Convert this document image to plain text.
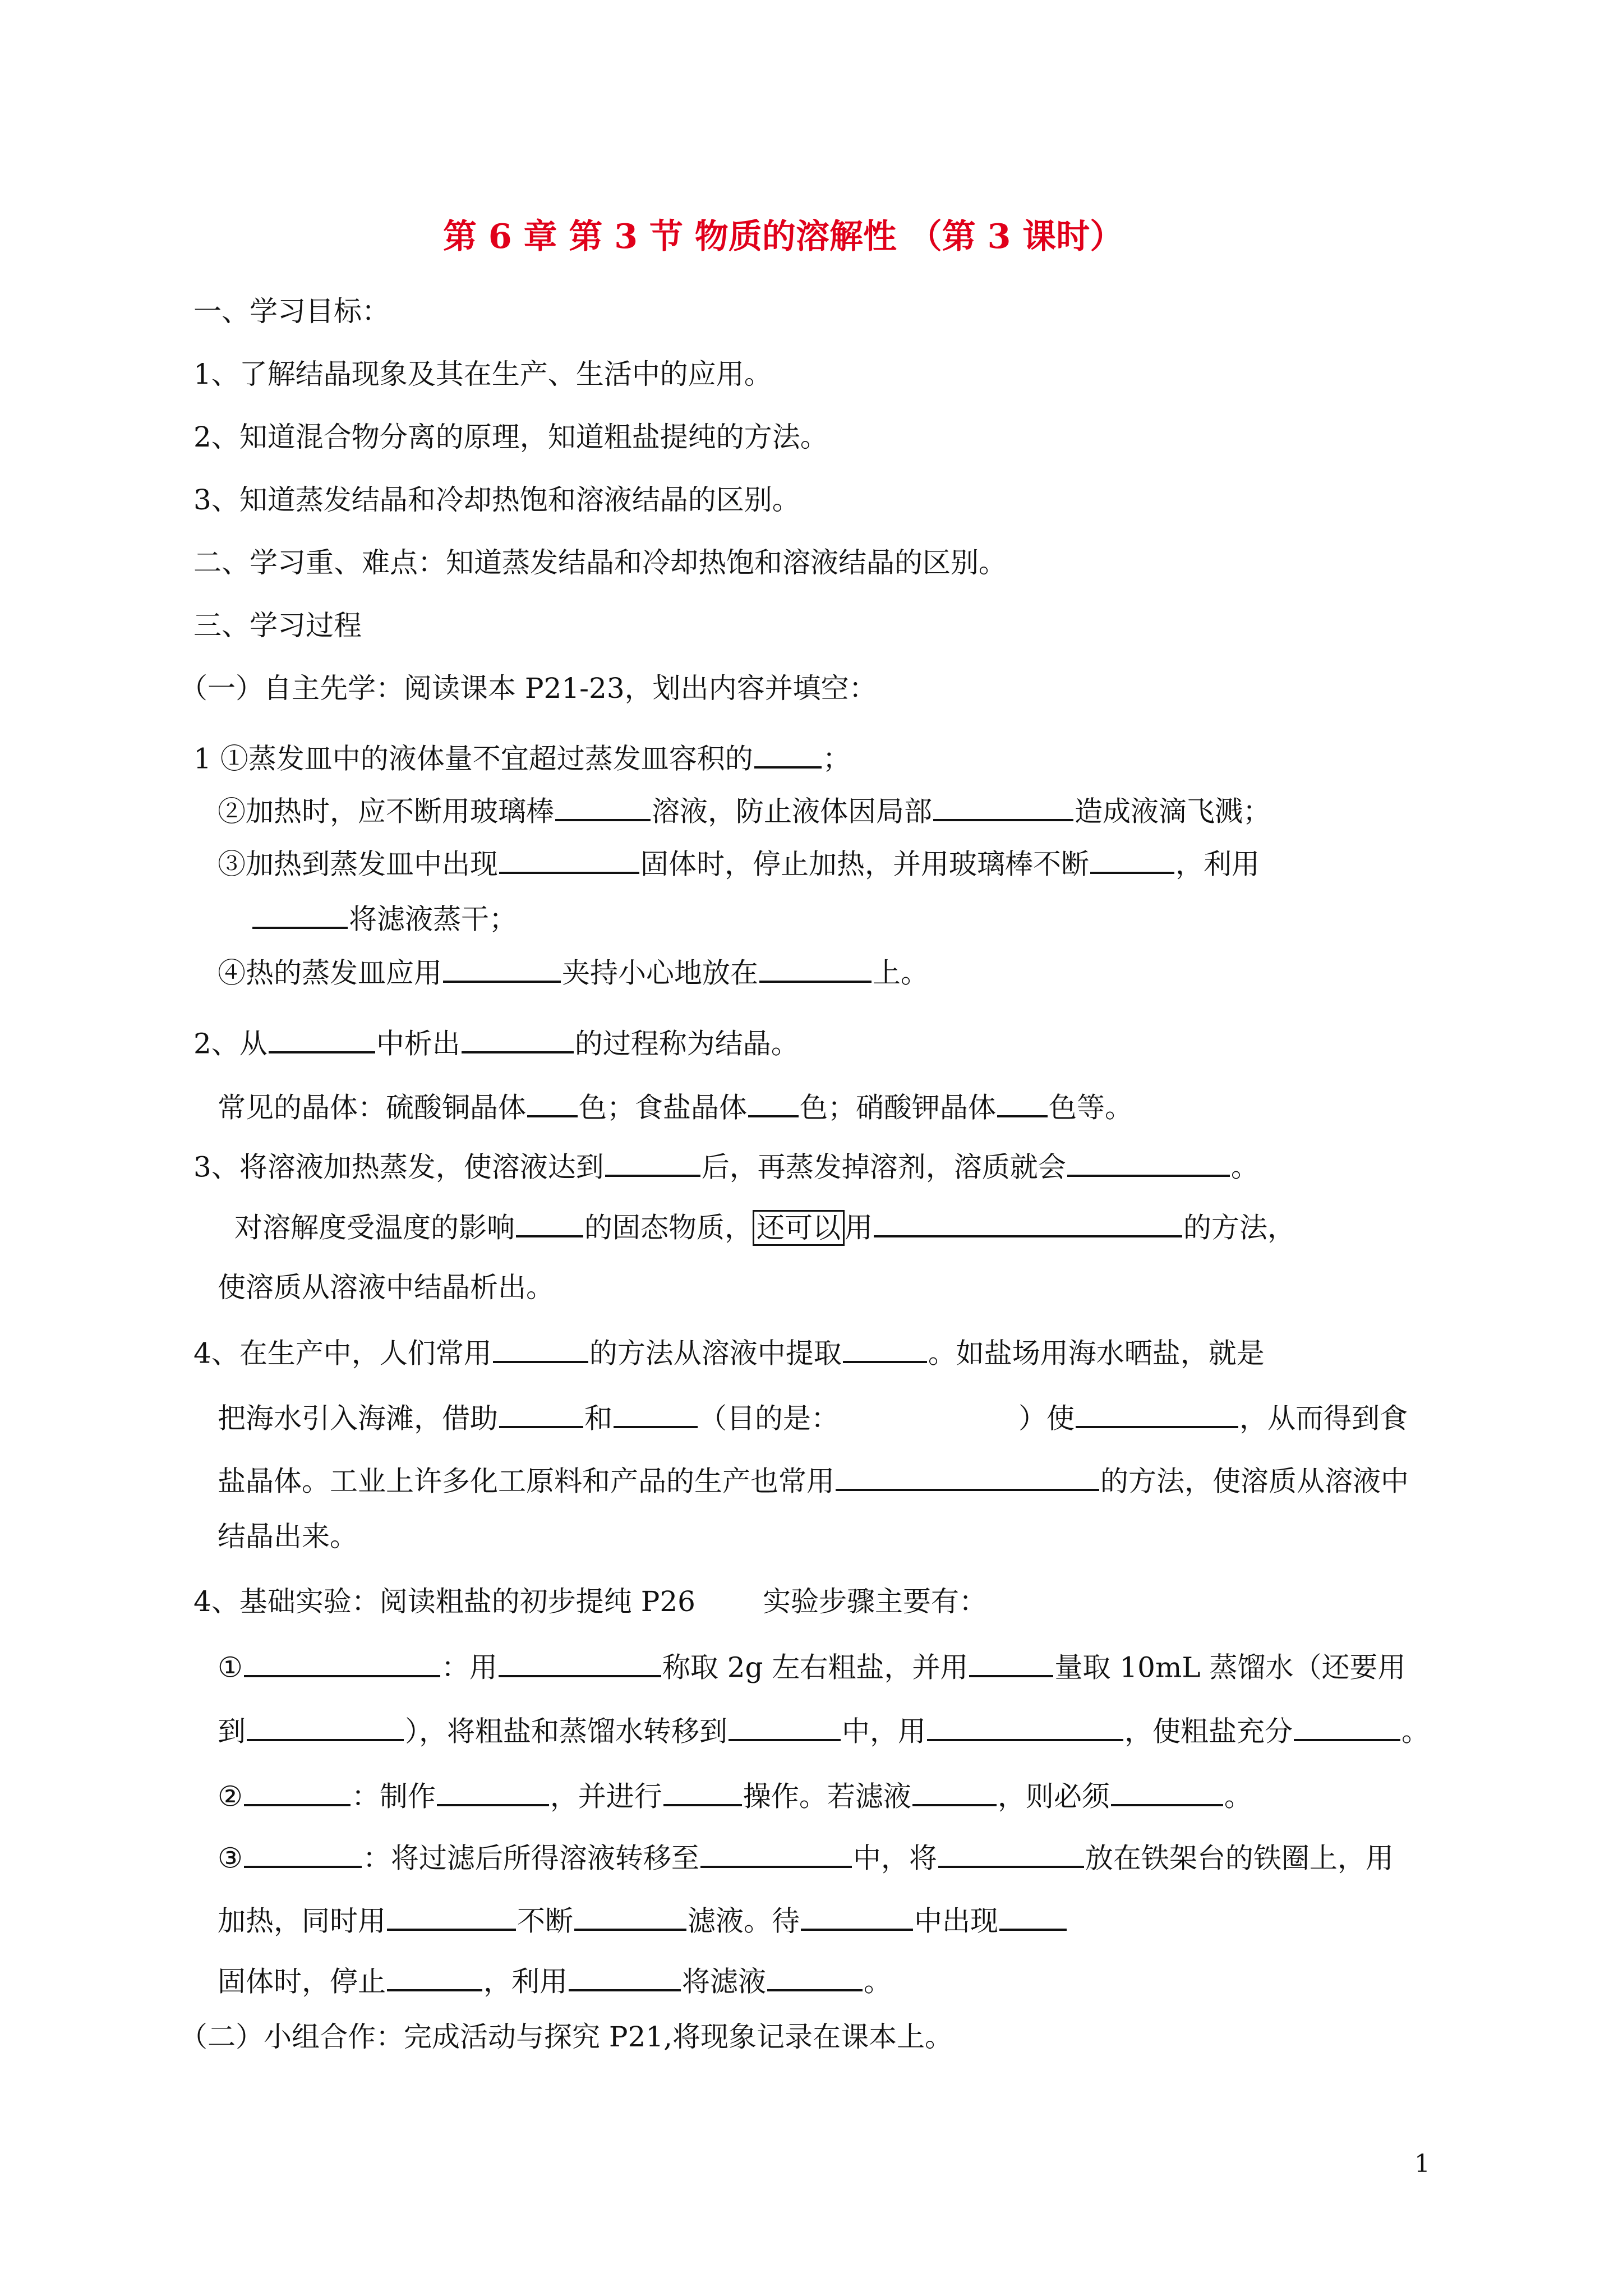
第 6 章 第 3 节 物质的溶解性 （第 3 课时）
一、学习目标：
1、了解结晶现象及其在生产、生活中的应用。
2、知道混合物分离的原理，知道粗盐提纯的方法。
3、知道蒸发结晶和冷却热饱和溶液结晶的区别。
二、学习重、难点：知道蒸发结晶和冷却热饱和溶液结晶的区别。
三、学习过程
（一）自主先学：阅读课本 P21-23，划出内容并填空：
1 ①蒸发皿中的液体量不宜超过蒸发皿容积的 ；
②加热时，应不断用玻璃棒	溶液，防止液体因局部	造成液滴飞溅；
③加热到蒸发皿中出现	固体时，停止加热，并用玻璃棒不断	，利用
将滤液蒸干；
④热的蒸发皿应用	夹持小心地放在	上。
2、从	中析出	的过程称为结晶。
常见的晶体：硫酸铜晶体 色；食盐晶体 色；硝酸钾晶体 色等。
3、将溶液加热蒸发，使溶液达到	后，再蒸发掉溶剂，溶质就会	。
对溶解度受温度的影响 的固态物质， 还可以 用	的方法，
使溶质从溶液中结晶析出。
4、在生产中，人们常用	的方法从溶液中提取	。如盐场用海水晒盐，就是
把海水引入海滩，借助	和	（目的是：	）使	，从而得到食
盐晶体。工业上许多化工原料和产品的生产也常用	的方法，使溶质从溶液中
结晶出来。
4、基础实验：阅读粗盐的初步提纯 P26 实验步骤主要有：
①	：用	称取 2g 左右粗盐，并用	量取 10mL 蒸馏水（还要用
到	），将粗盐和蒸馏水转移到	中，用	，使粗盐充分	。
②	：制作	，并进行	操作。若滤液	，则必须	。
③	：将过滤后所得溶液转移至	中，将	放在铁架台的铁圈上，用
加热，同时用	不断	滤液。待	中出现
固体时，停止	，利用	将滤液	。
（二）小组合作：完成活动与探究 P21,将现象记录在课本上。
1
